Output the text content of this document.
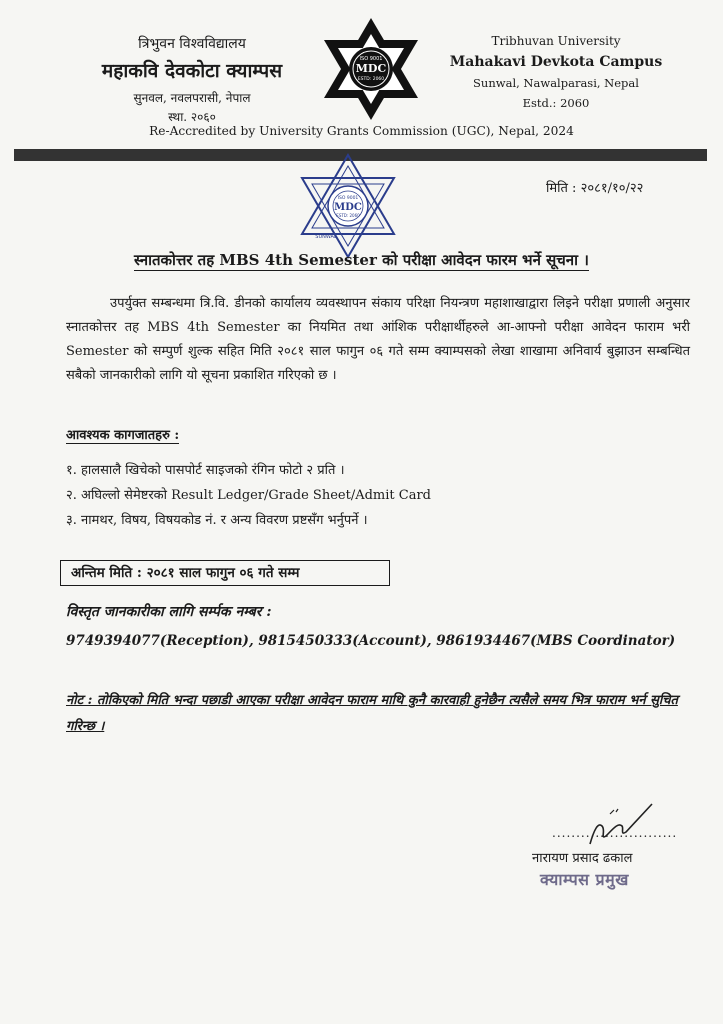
त्रिभुवन विश्वविद्यालय
महाकवि देवकोटा क्याम्पस
सुनवल, नवलपरासी, नेपाल
स्था. २०६०
ISO 9001
MDC
ESTD: 2060
Tribhuvan University
Mahakavi Devkota Campus
Sunwal, Nawalparasi, Nepal
Estd.: 2060
Re-Accredited by University Grants Commission (UGC), Nepal, 2024
ISO 9001
MDC
ESTD: 2060
SUNWAL
मिति : २०८१/१०/२२
स्नातकोत्तर तह MBS 4th Semester को परीक्षा आवेदन फारम भर्ने सूचना ।

उपर्युक्त सम्बन्धमा त्रि.वि. डीनको कार्यालय व्यवस्थापन संकाय परिक्षा नियन्त्रण महाशाखाद्वारा लिइने परीक्षा प्रणाली अनुसार स्नातकोत्तर तह MBS 4th Semester का नियमित तथा आंशिक परीक्षार्थीहरुले आ-आफ्नो परीक्षा आवेदन फाराम भरी Semester को सम्पुर्ण शुल्क सहित मिति २०८१ साल फागुन ०६ गते सम्म क्याम्पसको लेखा शाखामा अनिवार्य बुझाउन सम्बन्धित सबैको जानकारीको लागि यो सूचना प्रकाशित गरिएको छ ।

आवश्यक कागजातहरु :
१. हालसालै खिचेको पासपोर्ट साइजको रंगिन फोटो २ प्रति ।
२. अघिल्लो सेमेष्टरको Result Ledger/Grade Sheet/Admit Card
३. नामथर, विषय, विषयकोड नं. र अन्य विवरण प्रष्टसँग भर्नुपर्ने ।
अन्तिम मिति : २०८१ साल फागुन ०६ गते सम्म
विस्तृत जानकारीका लागि सर्म्पक नम्बर :
9749394077(Reception), 9815450333(Account), 9861934467(MBS Coordinator)
नोट : तोकिएको मिति भन्दा पछाडी आएका परीक्षा आवेदन फाराम माथि कुनै कारवाही हुनेछैन त्यसैले समय भित्र फाराम भर्न सुचित गरिन्छ ।
..........................
नारायण प्रसाद ढकाल
क्याम्पस प्रमुख
